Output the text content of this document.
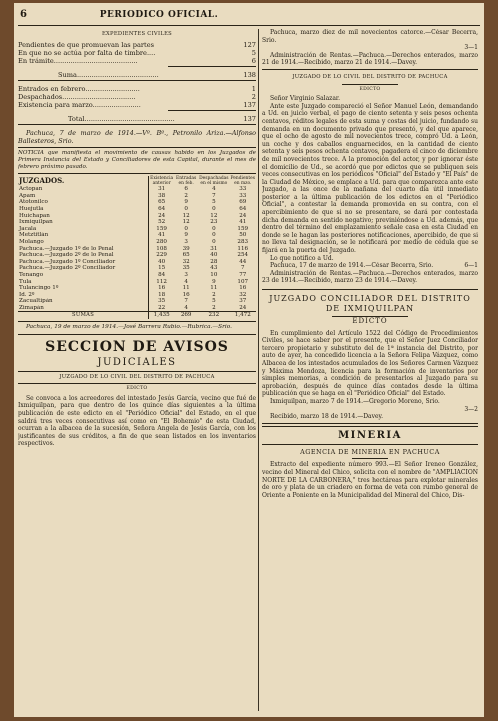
6	PERIODICO OFICIAL.
EXPEDIENTES CIVILES
Pendientes de que promuevan las partes	127
En que no se actúa por falta de timbre....	5
En trámite........................................	6
Suma.......................................	138
Entrados en febrero..........................	1
Despachados...................................	2
Existencia para marzo.......................	137
Total...........................................	137
Pachuca, 7 de marzo de 1914.—Vº. Bº., Petronilo Ariza.—Alfonso Ballesteros, Srio.
NOTICIA que manifiesta el movimiento de causas habido en los Juzgados de Primera Instancia del Estado y Conciliadores de esta Capital, durante el mes de febrero próximo pasado.
JUZGADOS.	Existencia anterior	Entradas en feb.	Despachadas en el mismo	Pendientes en mzo.
Actopan	31	6	4	33
Apam	38	2	7	33
Atotonilco	65	9	5	69
Huejutla	64	0	0	64
Huichapan	24	12	12	24
Ixmiquilpan	52	12	23	41
Jacala	159	0	0	159
Metztitlán	41	9	0	50
Molango	280	3	0	283
Pachuca.—Juzgado 1º de lo Penal	108	39	31	116
Pachuca.—Juzgado 2º de lo Penal	229	65	40	254
Pachuca.—Juzgado 1º Conciliador	40	32	28	44
Pachuca.—Juzgado 2º Conciliador	15	35	43	7
Tenango	84	3	10	77
Tula	112	4	9	107
Tulancingo 1º	16	11	11	16
Id. 2º	18	16	2	32
Zacualtipán	35	7	5	37
Zimapán	22	4	2	24
SUMAS	1,435	269	232	1,472
Pachuca, 19 de marzo de 1914.—José Barrera Rubio.—Rubrica.—Srio.
SECCION DE AVISOS
JUDICIALES
JUZGADO DE LO CIVIL DEL DISTRITO DE PACHUCA
EDICTO
Se convoca a los acreedores del intestado Jesús García, vecino que fué de Ixmiquilpan, para que dentro de los quince días siguientes a la última publicación de este edicto en el "Periódico Oficial" del Estado, en el que saldrá tres veces consecutivas así como en "El Bohemio" de esta Ciudad, ocurran a la albacea de la sucesión, Señora Angela de Jesús García, con los justificantes de sus créditos, a fin de que sean listados en los inventarios respectivos.
Pachuca, marzo diez de mil novecientos catorce.—César Becerra, Srio.
3—1
Administración de Rentas.—Pachuca.—Derechos enterados, marzo 21 de 1914.—Recibido, marzo 21 de 1914.—Davey.
JUZGADO DE LO CIVIL DEL DISTRITO DE PACHUCA
EDICTO
Señor Virginio Salazar.
Ante este Juzgado compareció el Señor Manuel León, demandando a Ud. en juicio verbal, el pago de ciento setenta y seis pesos ochenta centavos, réditos legales de esta suma y costas del juicio, fundando su demanda en un documento privado que presentó, y del que aparece, que el ocho de agosto de mil novecientos trece, compró Ud. a León, un coche y dos caballos enguarnecidos, en la cantidad de ciento setenta y seis pesos ochenta centavos, pagadera el cinco de diciembre de mil novecientos trece. A la promoción del actor, y por ignorar éste el domicilio de Ud., se acordó que por edictos que se publiquen seis veces consecutivas en los periódicos "Oficial" del Estado y "El País" de la Ciudad de México, se emplace a Ud. para que comparezca ante este Juzgado, a las once de la mañana del cuarto día útil inmediato posterior a la última publicación de los edictos en el "Periódico Oficial", a contestar la demanda promovida en su contra, con el apercibimiento de que si no se presentare, se dará por contestada dicha demanda en sentido negativo; previniéndose a Ud. además, que dentro del término del emplazamiento señale casa en esta Ciudad en donde se le hagan las posteriores notificaciones, apercibido, de que si no lleva tal designación, se le notificará por medio de cédula que se fijará en la puerta del Juzgado.
Lo que notifico a Ud.
Pachuca, 17 de marzo de 1914.—César Becerra, Srio.	6—1
Administración de Rentas.—Pachuca.—Derechos enterados, marzo 23 de 1914.—Recibido, marzo 23 de 1914.—Davey.
JUZGADO CONCILIADOR DEL DISTRITO
DE IXMIQUILPAN
EDICTO
En cumplimiento del Artículo 1522 del Código de Procedimientos Civiles, se hace saber por el presente, que el Señor Juez Conciliador tercero propietario y substituto del de 1ª instancia del Distrito, por auto de ayer, ha concedido licencia a la Señora Felipa Vázquez, como Albacea de los intestados acumulados de los Señores Carmen Vázquez y Máxima Mendoza, licencia para la formación de inventarios por simples memorias, a condición de presentarlos al Juzgado para su aprobación, después de quince días contados desde la última publicación que se haga en el "Periódico Oficial" del Estado.
Ixmiquilpan, marzo 7 de 1914.—Gregorio Moreno, Srio.
3—2
Recibido, marzo 18 de 1914.—Davey.
MINERIA
AGENCIA DE MINERIA EN PACHUCA
Extracto del expediente número 993.—El Señor Ireneo González, vecino del Mineral del Chico, solicita con el nombre de "AMPLIACION NORTE DE LA CARBONERA," tres hectáreas para explotar minerales de oro y plata de un criadero en forma de veta con rumbo general de Oriente a Poniente en la Municipalidad del Mineral del Chico, Dis-
